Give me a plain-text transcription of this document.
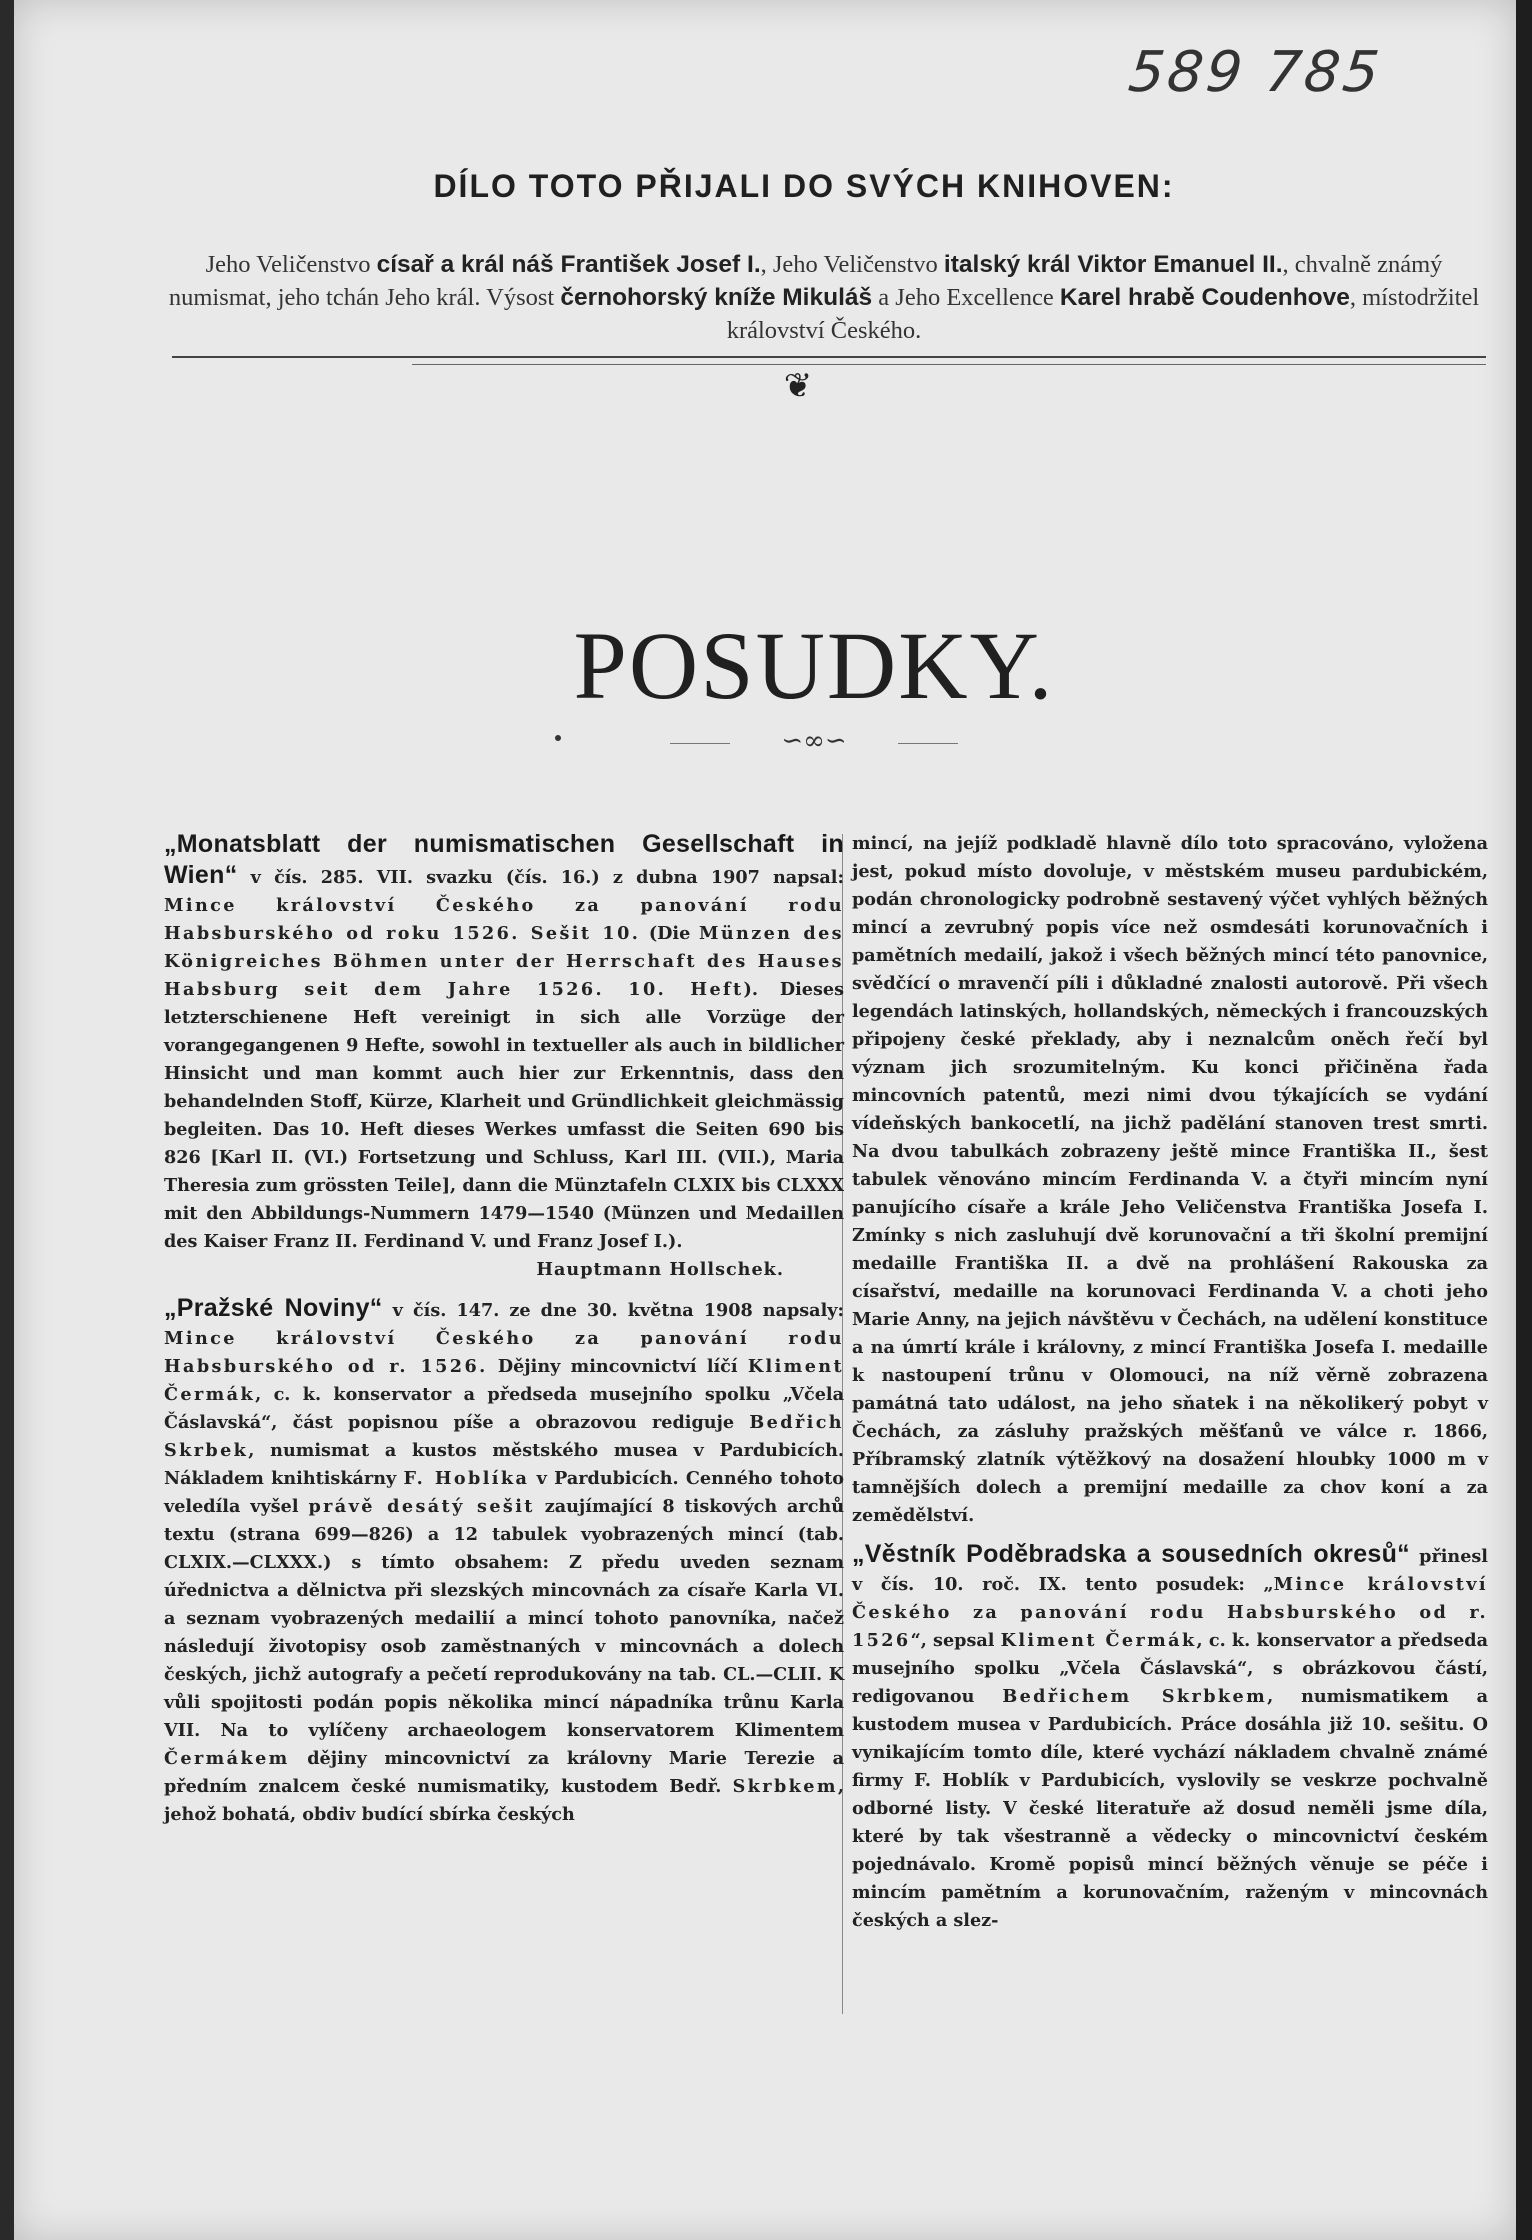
589 785
DÍLO TOTO PŘIJALI DO SVÝCH KNIHOVEN:
Jeho Veličenstvo císař a král náš František Josef I., Jeho Veličenstvo italský král Viktor Emanuel II., chvalně známý numismat, jeho tchán Jeho král. Výsost černohorský kníže Mikuláš a Jeho Excellence Karel hrabě Coudenhove, místodržitel království Českého.
❦
POSUDKY.
∽∞∽

„Monatsblatt der numismatischen Gesellschaft in Wien“ v čís. 285. VII. svazku (čís. 16.) z dubna 1907 napsal: Mince království Českého za panování rodu Habsburského od roku 1526. Sešit 10. (Die Münzen des Königreiches Böhmen unter der Herrschaft des Hauses Habsburg seit dem Jahre 1526. 10. Heft). Dieses letzterschienene Heft vereinigt in sich alle Vorzüge der vorangegangenen 9 Hefte, sowohl in textueller als auch in bildlicher Hinsicht und man kommt auch hier zur Erkenntnis, dass den behandelnden Stoff, Kürze, Klarheit und Gründlichkeit gleichmässig begleiten. Das 10. Heft dieses Werkes umfasst die Seiten 690 bis 826 [Karl II. (VI.) Fortsetzung und Schluss, Karl III. (VII.), Maria Theresia zum grössten Teile], dann die Münztafeln CLXIX bis CLXXX mit den Abbildungs-Nummern 1479—1540 (Münzen und Medaillen des Kaiser Franz II. Ferdinand V. und Franz Josef I.).

Hauptmann Hollschek.

„Pražské Noviny“ v čís. 147. ze dne 30. května 1908 napsaly: Mince království Českého za panování rodu Habsburského od r. 1526. Dějiny mincovnictví líčí Kliment Čermák, c. k. konservator a předseda musejního spolku „Včela Čáslavská“, část popisnou píše a obrazovou rediguje Bedřich Skrbek, numismat a kustos městského musea v Pardubicích. Nákladem knihtiskárny F. Hoblíka v Pardubicích. Cenného tohoto veledíla vyšel právě desátý sešit zaujímající 8 tiskových archů textu (strana 699—826) a 12 tabulek vyobrazených mincí (tab. CLXIX.—CLXXX.) s tímto obsahem: Z předu uveden seznam úřednictva a dělnictva při slezských mincovnách za císaře Karla VI. a seznam vyobrazených medailií a mincí tohoto panovníka, načež následují životopisy osob zaměstnaných v mincovnách a dolech českých, jichž autografy a pečetí reprodukovány na tab. CL.—CLII. K vůli spojitosti podán popis několika mincí nápadníka trůnu Karla VII. Na to vylíčeny archaeologem konservatorem Klimentem Čermákem dějiny mincovnictví za královny Marie Terezie a předním znalcem české numismatiky, kustodem Bedř. Skrbkem, jehož bohatá, obdiv budící sbírka českých

mincí, na jejíž podkladě hlavně dílo toto spracováno, vyložena jest, pokud místo dovoluje, v městském museu pardubickém, podán chronologicky podrobně sestavený výčet vyhlých běžných mincí a zevrubný popis více než osmdesáti korunovačních i pamětních medailí, jakož i všech běžných mincí této panovnice, svědčící o mravenčí píli i důkladné znalosti autorově. Při všech legendách latinských, hollandských, německých i francouzských připojeny české překlady, aby i neznalcům oněch řečí byl význam jich srozumitelným. Ku konci přičiněna řada mincovních patentů, mezi nimi dvou týkajících se vydání vídeňských bankocetlí, na jichž padělání stanoven trest smrti. Na dvou tabulkách zobrazeny ještě mince Františka II., šest tabulek věnováno mincím Ferdinanda V. a čtyři mincím nyní panujícího císaře a krále Jeho Veličenstva Františka Josefa I. Zmínky s nich zasluhují dvě korunovační a tři školní premijní medaille Františka II. a dvě na prohlášení Rakouska za císařství, medaille na korunovaci Ferdinanda V. a choti jeho Marie Anny, na jejich návštěvu v Čechách, na udělení konstituce a na úmrtí krále i královny, z mincí Františka Josefa I. medaille k nastoupení trůnu v Olomouci, na níž věrně zobrazena památná tato událost, na jeho sňatek i na několikerý pobyt v Čechách, za zásluhy pražských měšťanů ve válce r. 1866, Příbramský zlatník výtěžkový na dosažení hloubky 1000 m v tamnějších dolech a premijní medaille za chov koní a za zemědělství.

„Věstník Poděbradska a sousedních okresů“ přinesl v čís. 10. roč. IX. tento posudek: „Mince království Českého za panování rodu Habsburského od r. 1526“, sepsal Kliment Čermák, c. k. konservator a předseda musejního spolku „Včela Čáslavská“, s obrázkovou částí, redigovanou Bedřichem Skrbkem, numismatikem a kustodem musea v Pardubicích. Práce dosáhla již 10. sešitu. O vynikajícím tomto díle, které vychází nákladem chvalně známé firmy F. Hoblík v Pardubicích, vyslovily se veskrze pochvalně odborné listy. V české literatuře až dosud neměli jsme díla, které by tak všestranně a vědecky o mincovnictví českém pojednávalo. Kromě popisů mincí běžných věnuje se péče i mincím pamětním a korunovačním, raženým v mincovnách českých a slez-
